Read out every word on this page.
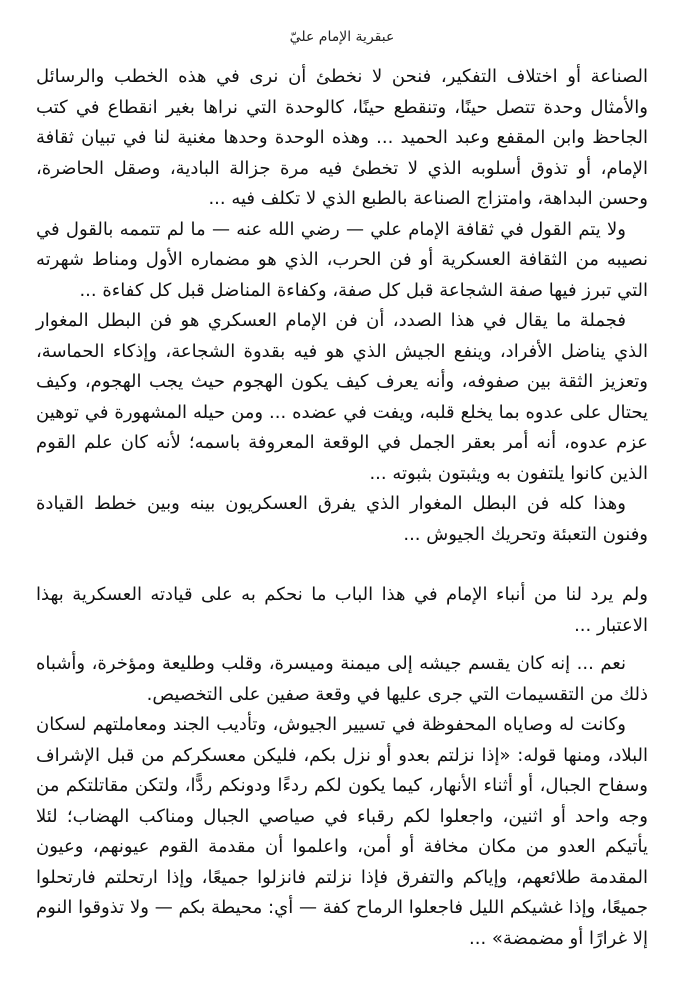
عبقرية الإمام عليّ

الصناعة أو اختلاف التفكير، فنحن لا نخطئ أن نرى في هذه الخطب والرسائل والأمثال وحدة تتصل حينًا، وتنقطع حينًا، كالوحدة التي نراها بغير انقطاع في كتب الجاحظ وابن المقفع وعبد الحميد ... وهذه الوحدة وحدها مغنية لنا في تبيان ثقافة الإمام، أو تذوق أسلوبه الذي لا تخطئ فيه مرة جزالة البادية، وصقل الحاضرة، وحسن البداهة، وامتزاج الصناعة بالطبع الذي لا تكلف فيه ...

ولا يتم القول في ثقافة الإمام علي — رضي الله عنه — ما لم تتممه بالقول في نصيبه من الثقافة العسكرية أو فن الحرب، الذي هو مضماره الأول ومناط شهرته التي تبرز فيها صفة الشجاعة قبل كل صفة، وكفاءة المناضل قبل كل كفاءة ...

فجملة ما يقال في هذا الصدد، أن فن الإمام العسكري هو فن البطل المغوار الذي يناضل الأفراد، وينفع الجيش الذي هو فيه بقدوة الشجاعة، وإذكاء الحماسة، وتعزيز الثقة بين صفوفه، وأنه يعرف كيف يكون الهجوم حيث يجب الهجوم، وكيف يحتال على عدوه بما يخلع قلبه، ويفت في عضده ... ومن حيله المشهورة في توهين عزم عدوه، أنه أمر بعقر الجمل في الوقعة المعروفة باسمه؛ لأنه كان علم القوم الذين كانوا يلتفون به ويثبتون بثبوته ...

وهذا كله فن البطل المغوار الذي يفرق العسكريون بينه وبين خطط القيادة وفنون التعبئة وتحريك الجيوش ...

ولم يرد لنا من أنباء الإمام في هذا الباب ما نحكم به على قيادته العسكرية بهذا الاعتبار ...

نعم ... إنه كان يقسم جيشه إلى ميمنة وميسرة، وقلب وطليعة ومؤخرة، وأشباه ذلك من التقسيمات التي جرى عليها في وقعة صفين على التخصيص.

وكانت له وصاياه المحفوظة في تسيير الجيوش، وتأديب الجند ومعاملتهم لسكان البلاد، ومنها قوله: «إذا نزلتم بعدو أو نزل بكم، فليكن معسكركم من قبل الإشراف وسفاح الجبال، أو أثناء الأنهار، كيما يكون لكم ردءًا ودونكم ردًّا، ولتكن مقاتلتكم من وجه واحد أو اثنين، واجعلوا لكم رقباء في صياصي الجبال ومناكب الهضاب؛ لئلا يأتيكم العدو من مكان مخافة أو أمن، واعلموا أن مقدمة القوم عيونهم، وعيون المقدمة طلائعهم، وإياكم والتفرق فإذا نزلتم فانزلوا جميعًا، وإذا ارتحلتم فارتحلوا جميعًا، وإذا غشيكم الليل فاجعلوا الرماح كفة — أي: محيطة بكم — ولا تذوقوا النوم إلا غرارًا أو مضمضة» ...
